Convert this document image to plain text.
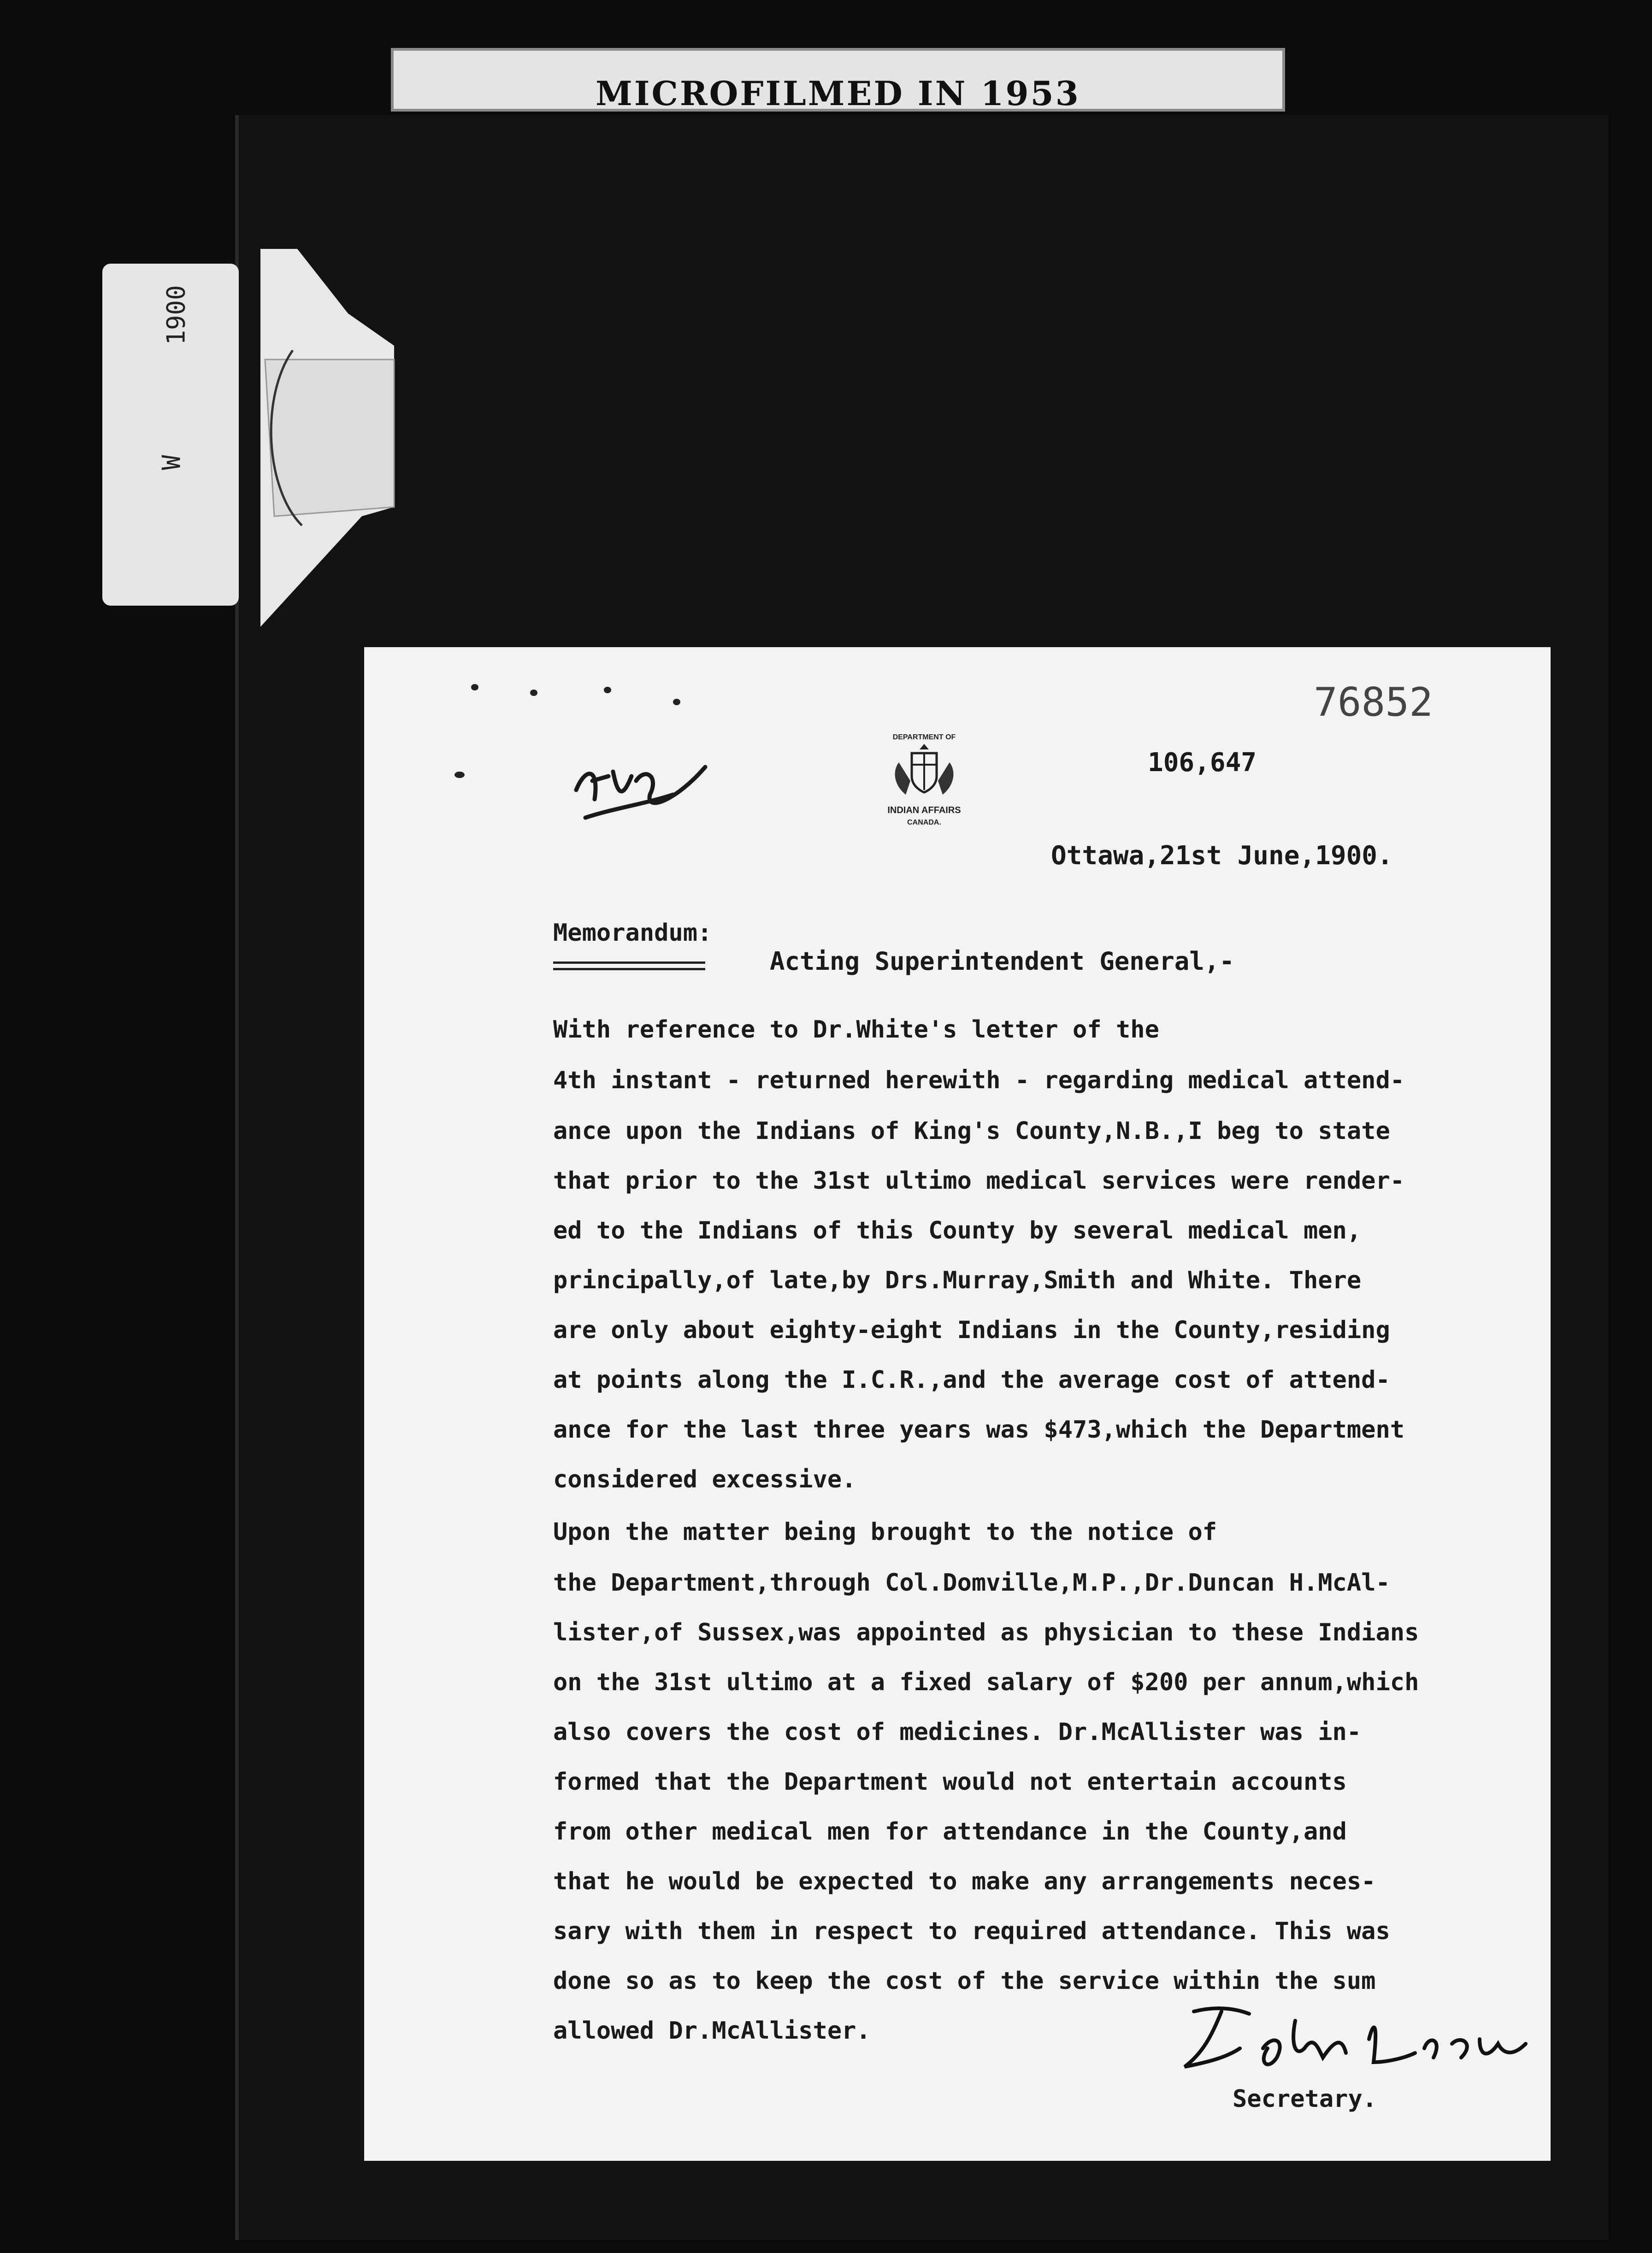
MICROFILMED IN 1953
1900
W
76852
106,647
DEPARTMENT OF
INDIAN AFFAIRS
CANADA.
Ottawa,21st June,1900.
Memorandum:
Acting Superintendent General,-
With reference to Dr.White's letter of the
4th instant - returned herewith - regarding medical attend-
ance upon the Indians of King's County,N.B.,I beg to state
that prior to the 31st ultimo medical services were render-
ed to the Indians of this County by several medical men,
principally,of late,by Drs.Murray,Smith and White. There
are only about eighty-eight Indians in the County,residing
at points along the I.C.R.,and the average cost of attend-
ance for the last three years was $473,which the Department
considered excessive.
Upon the matter being brought to the notice of
the Department,through Col.Domville,M.P.,Dr.Duncan H.McAl-
lister,of Sussex,was appointed as physician to these Indians
on the 31st ultimo at a fixed salary of $200 per annum,which
also covers the cost of medicines. Dr.McAllister was in-
formed that the Department would not entertain accounts
from other medical men for attendance in the County,and
that he would be expected to make any arrangements neces-
sary with them in respect to required attendance. This was
done so as to keep the cost of the service within the sum
allowed Dr.McAllister.
Secretary.
